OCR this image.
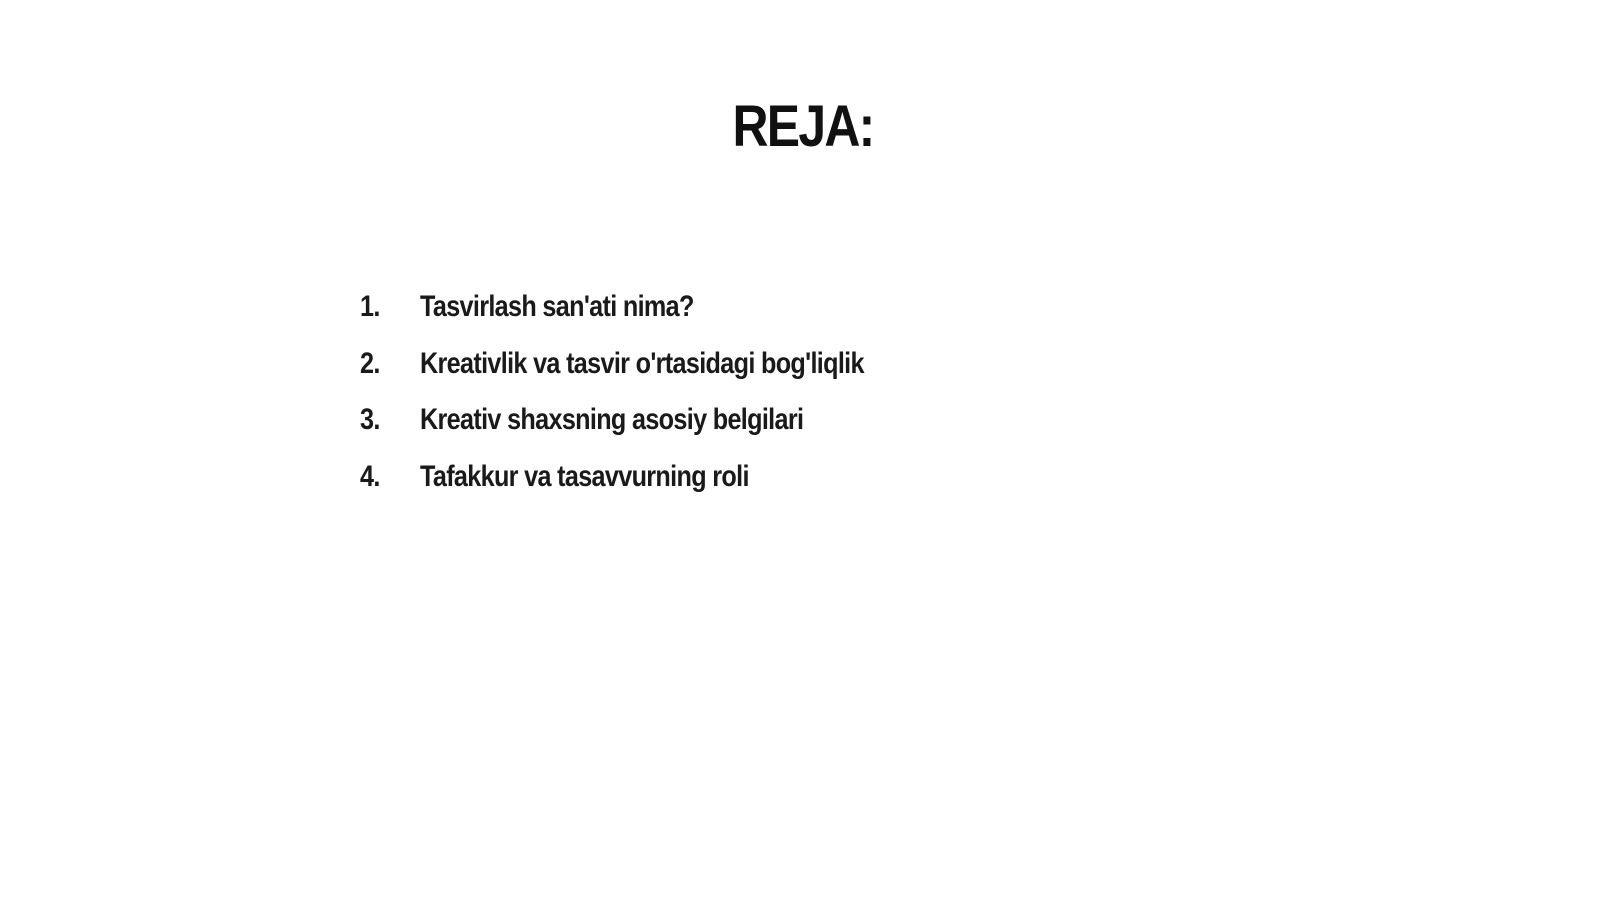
REJA:
1.	Tasvirlash san'ati nima?
2.	Kreativlik va tasvir o'rtasidagi bog'liqlik
3.	Kreativ shaxsning asosiy belgilari
4.	Tafakkur va tasavvurning roli
